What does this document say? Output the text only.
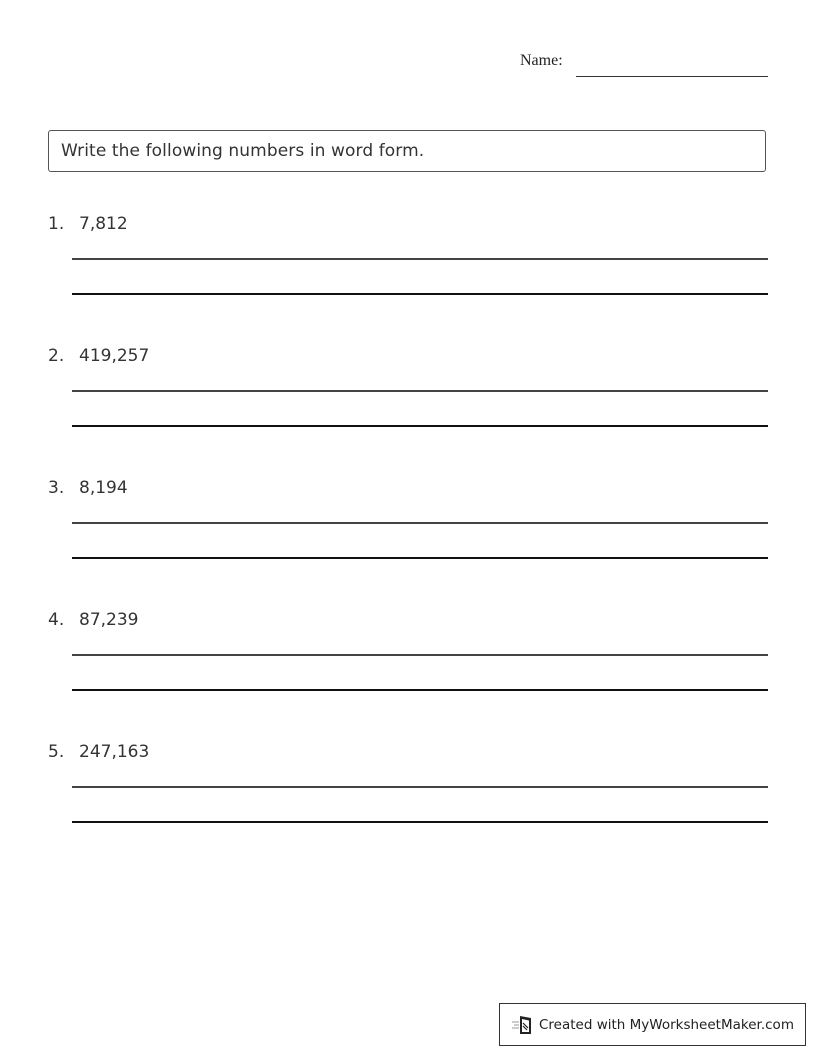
Name:
Write the following numbers in word form.
1. 7,812
2. 419,257
3. 8,194
4. 87,239
5. 247,163
Created with MyWorksheetMaker.com
